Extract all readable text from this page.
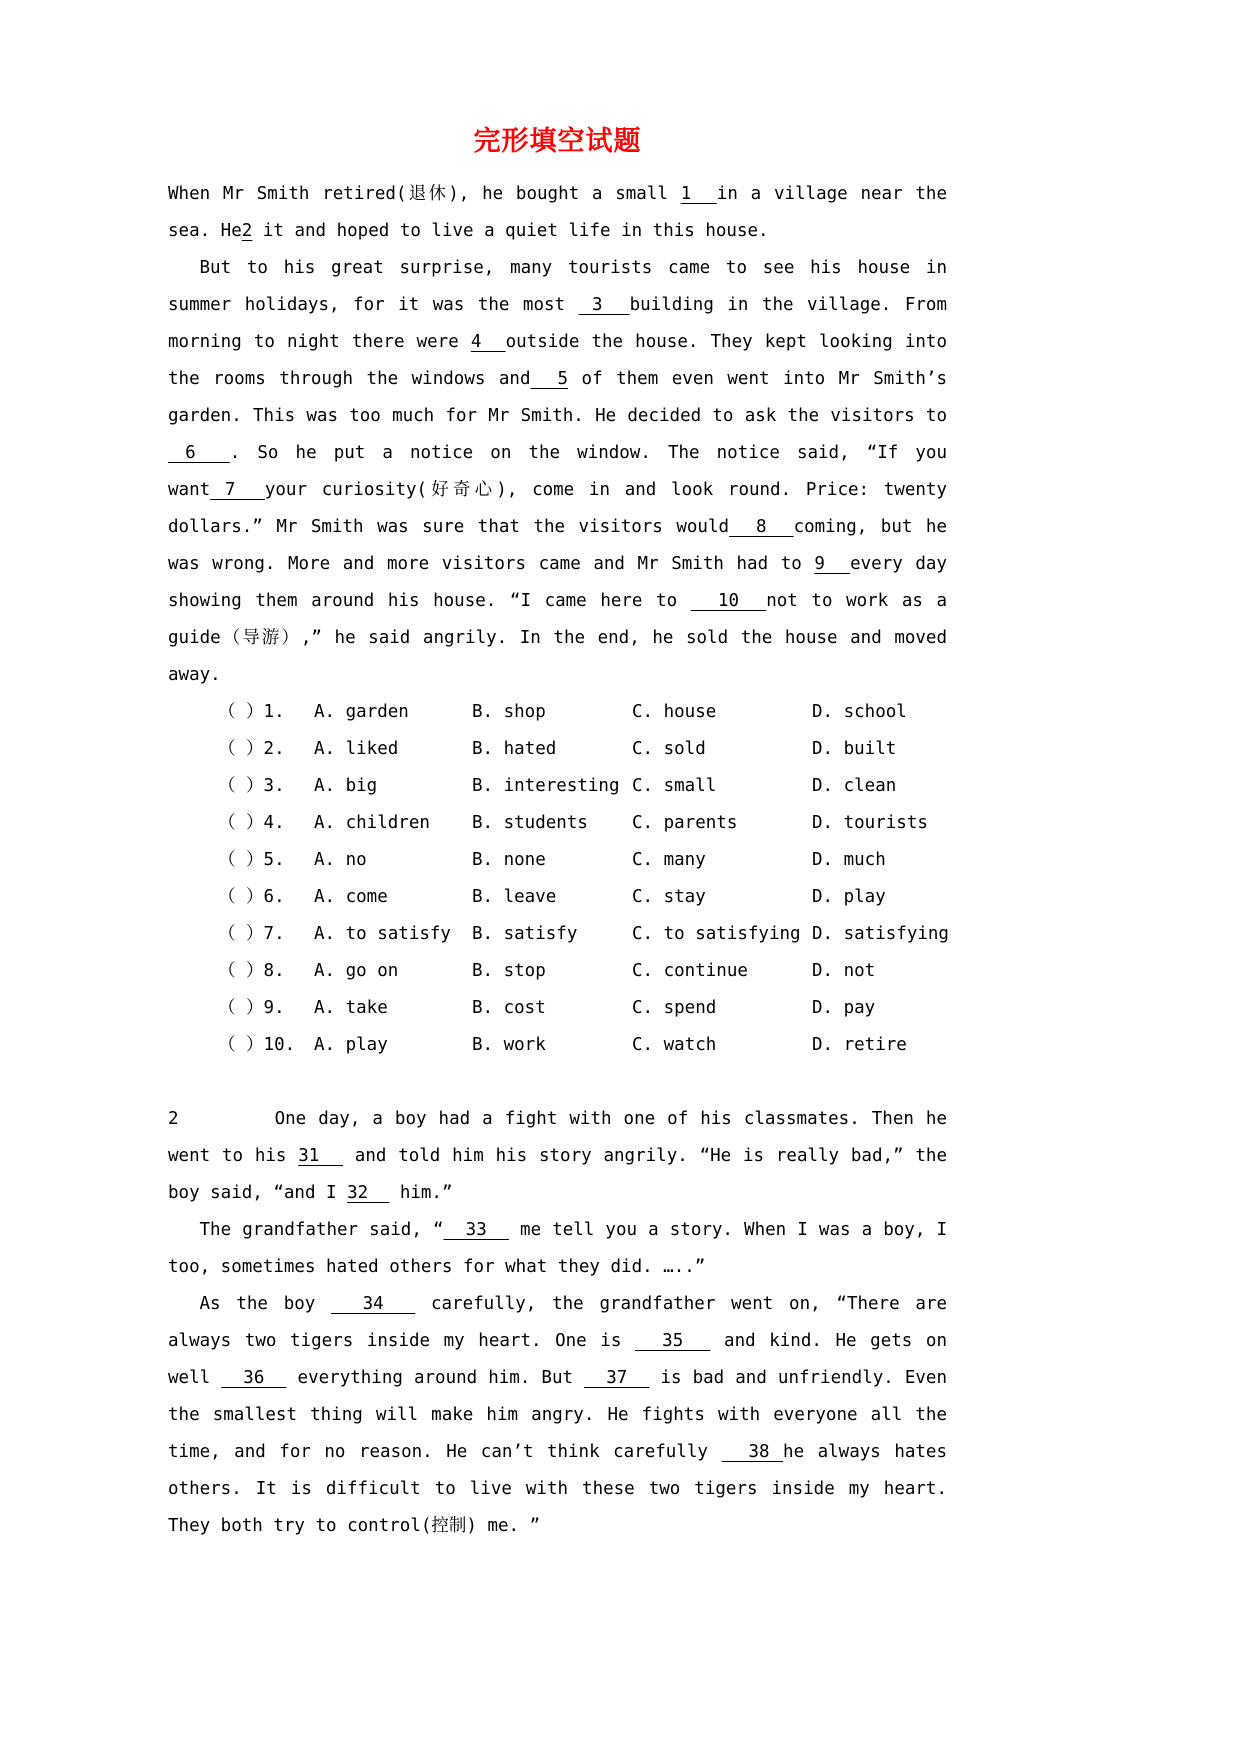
完形填空试题
When Mr Smith retired(退休), he bought a small 1  in a village near the sea. He2 it and hoped to live a quiet life in this house.
But to his great surprise, many tourists came to see his house in summer holidays, for it was the most  3  building in the village. From morning to night there were 4  outside the house. They kept looking into the rooms through the windows and  5 of them even went into Mr Smith’s garden. This was too much for Mr Smith. He decided to ask the visitors to  6  . So he put a notice on the window. The notice said, “If you want 7  your curiosity(好奇心), come in and look round. Price: twenty dollars.” Mr Smith was sure that the visitors would  8  coming, but he was wrong. More and more visitors came and Mr Smith had to 9  every day showing them around his house. “I came here to   10  not to work as a guide（导游）,” he said angrily. In the end, he sold the house and moved away.
（ ）1.	A. garden	B. shop	C. house	D. school
（ ）2.	A. liked	B. hated	C. sold	D. built
（ ）3.	A. big	B. interesting C. small	D. clean
（ ）4.	A. children	B. students	C. parents	D. tourists
（ ）5.	A. no	B. none	C. many	D. much
（ ）6.	A. come	B. leave	C. stay	D. play
（ ）7.	A. to satisfy	B. satisfy	C. to satisfying D. satisfying
（ ）8.	A. go on	B. stop	C. continue	D. not
（ ）9.	A. take	B. cost	C. spend	D. pay
（ ）10.	A. play	B. work	C. watch	D. retire
2        One day, a boy had a fight with one of his classmates. Then he went to his 31   and told him his story angrily. “He is really bad,” the boy said, “and I 32   him.”
The grandfather said, “  33   me tell you a story. When I was a boy, I too, sometimes hated others for what they did. …..”
As the boy   34   carefully, the grandfather went on, “There are always two tigers inside my heart. One is   35   and kind. He gets on well   36   everything around him. But   37   is bad and unfriendly. Even the smallest thing will make him angry. He fights with everyone all the time, and for no reason. He can’t think carefully   38 he always hates others. It is difficult to live with these two tigers inside my heart. They both try to control(控制) me. ”
